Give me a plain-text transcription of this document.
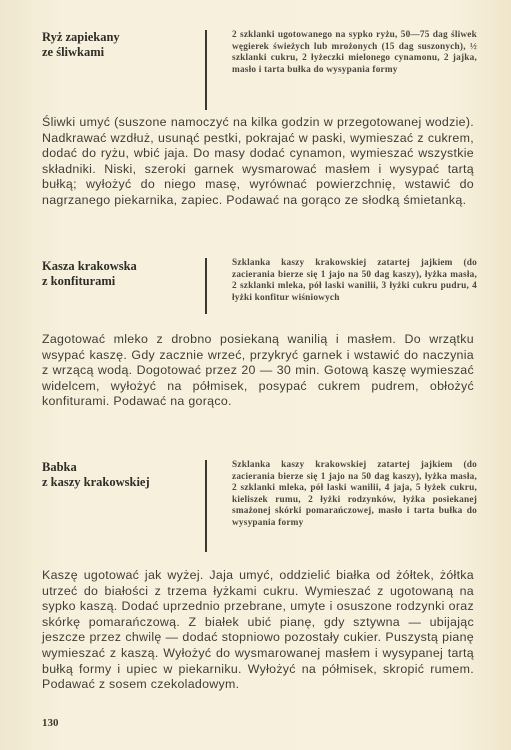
Ryż zapiekany
ze śliwkami
2 szklanki ugotowanego na sypko ryżu, 50—75 dag śliwek węgierek świeżych lub mrożonych (15 dag suszonych), ½ szklanki cukru, 2 łyżeczki mielonego cynamonu, 2 jajka, masło i tarta bułka do wysypania formy
Śliwki umyć (suszone namoczyć na kilka godzin w przegotowanej wodzie). Nadkrawać wzdłuż, usunąć pestki, pokrajać w paski, wymieszać z cukrem, dodać do ryżu, wbić jaja. Do masy dodać cynamon, wymieszać wszystkie składniki. Niski, szeroki garnek wysmarować masłem i wysypać tartą bułką; wyłożyć do niego masę, wyrównać powierzchnię, wstawić do nagrzanego piekarnika, zapiec. Podawać na gorąco ze słodką śmietanką.
Kasza krakowska
z konfiturami
Szklanka kaszy krakowskiej zatartej jajkiem (do zacierania bierze się 1 jajo na 50 dag kaszy), łyżka masła, 2 szklanki mleka, pół laski wanilii, 3 łyżki cukru pudru, 4 łyżki konfitur wiśniowych
Zagotować mleko z drobno posiekaną wanilią i masłem. Do wrzątku wsypać kaszę. Gdy zacznie wrzeć, przykryć garnek i wstawić do naczynia z wrzącą wodą. Dogotować przez 20 — 30 min. Gotową kaszę wymieszać widelcem, wyłożyć na półmisek, posypać cukrem pudrem, obłożyć konfiturami. Podawać na gorąco.
Babka
z kaszy krakowskiej
Szklanka kaszy krakowskiej zatartej jajkiem (do zacierania bierze się 1 jajo na 50 dag kaszy), łyżka masła, 2 szklanki mleka, pół laski wanilii, 4 jaja, 5 łyżek cukru, kieliszek rumu, 2 łyżki rodzynków, łyżka posiekanej smażonej skórki pomarańczowej, masło i tarta bułka do wysypania formy
Kaszę ugotować jak wyżej. Jaja umyć, oddzielić białka od żółtek, żółtka utrzeć do białości z trzema łyżkami cukru. Wymieszać z ugotowaną na sypko kaszą. Dodać uprzednio przebrane, umyte i osuszone rodzynki oraz skórkę pomarańczową. Z białek ubić pianę, gdy sztywna — ubijając jeszcze przez chwilę — dodać stopniowo pozostały cukier. Puszystą pianę wymieszać z kaszą. Wyłożyć do wysmarowanej masłem i wysypanej tartą bułką formy i upiec w piekarniku. Wyłożyć na półmisek, skropić rumem. Podawać z sosem czekoladowym.
130
